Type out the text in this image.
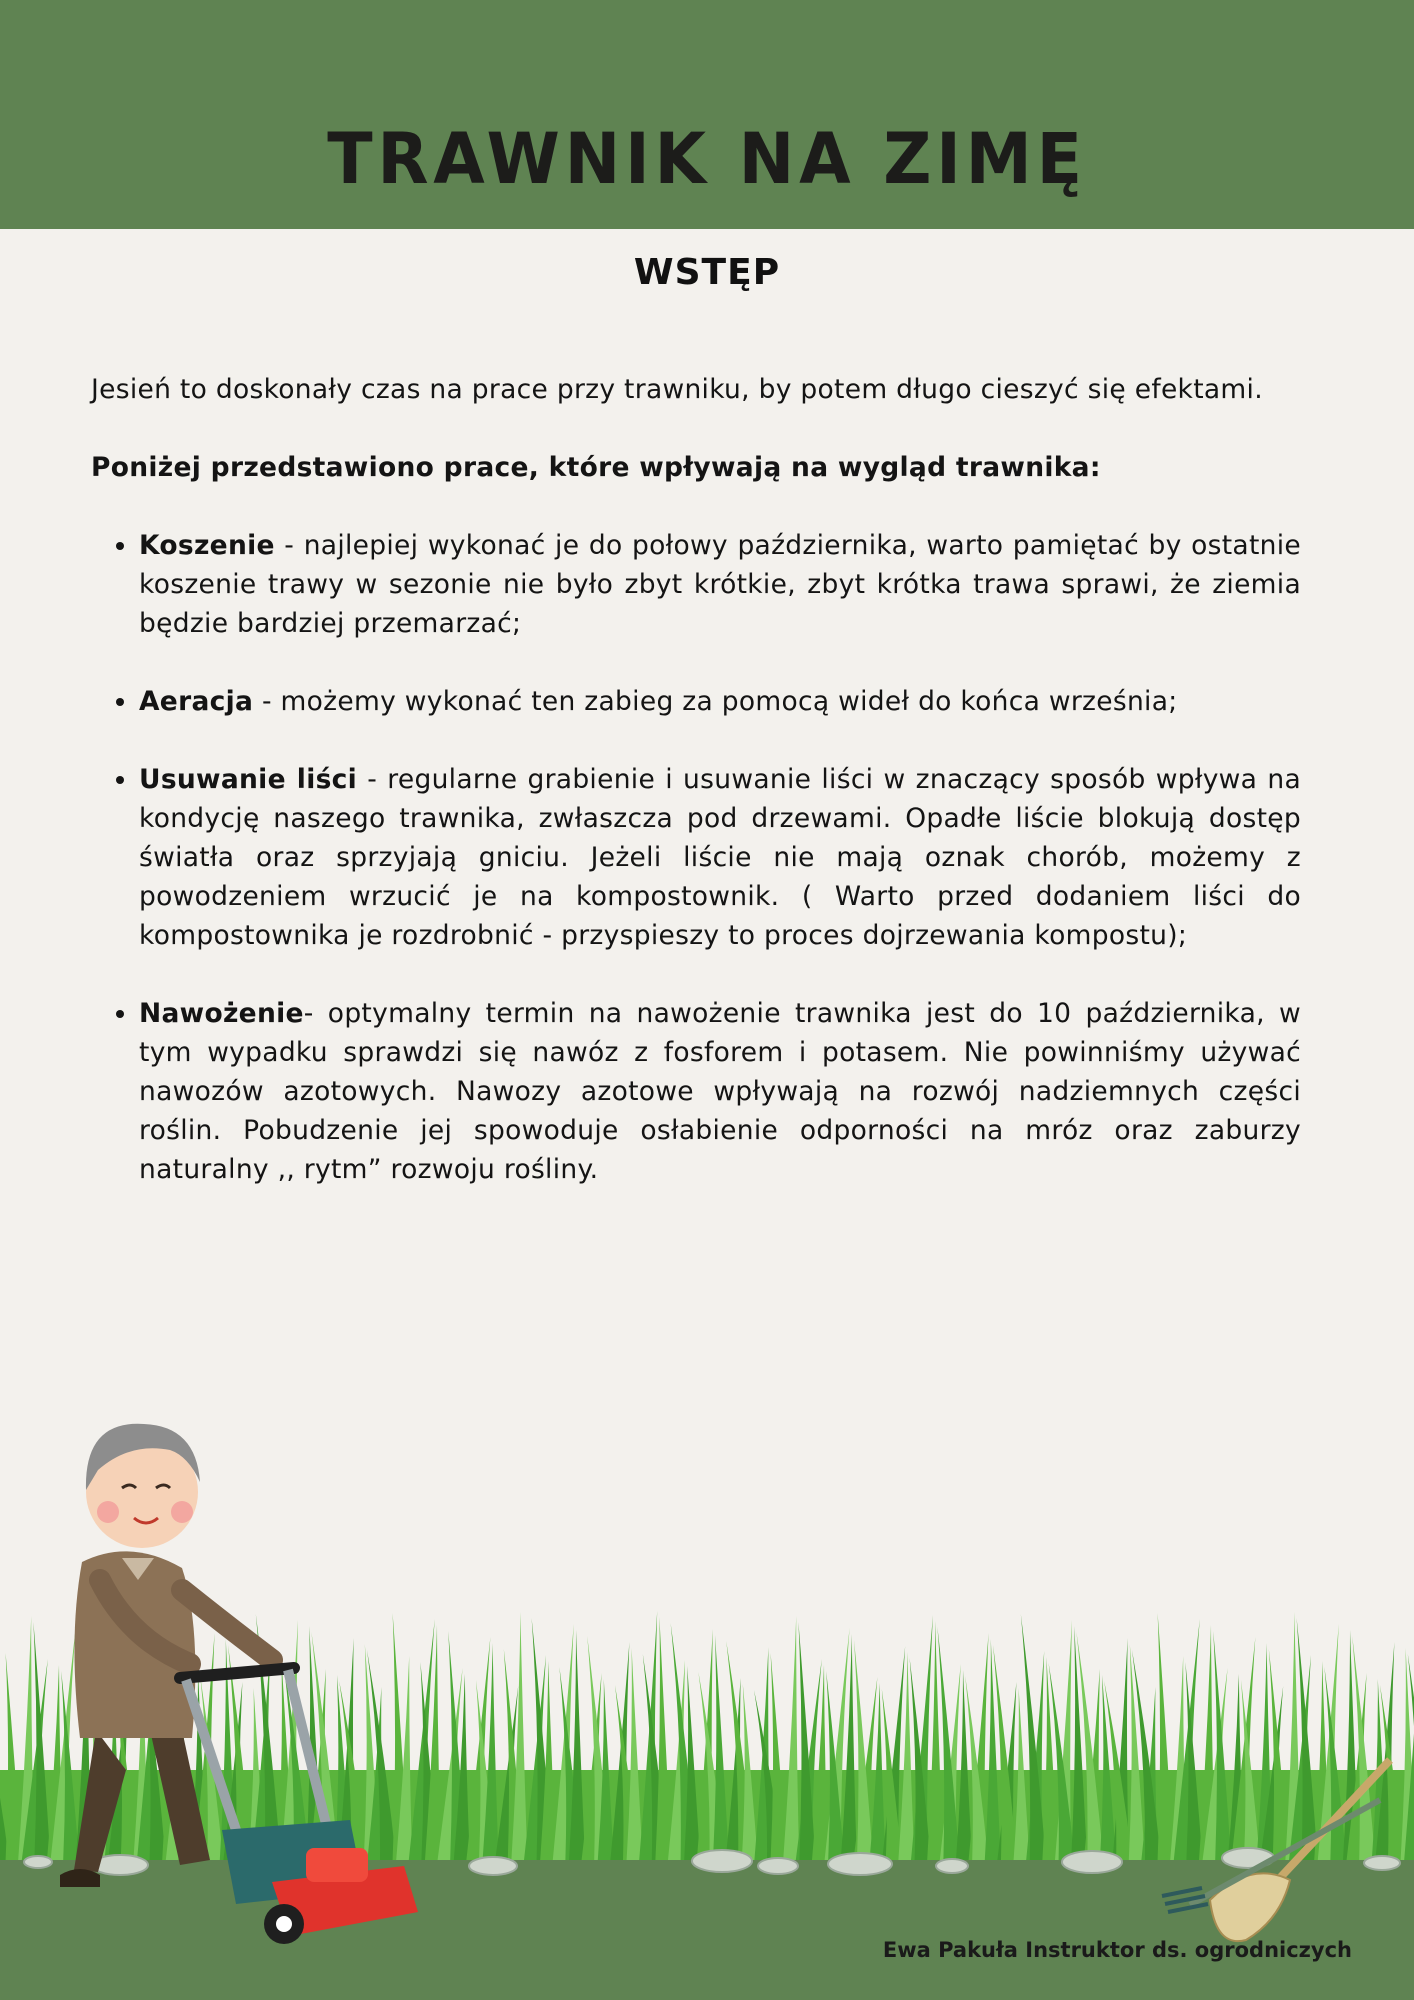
TRAWNIK NA ZIMĘ
WSTĘP

Jesień to doskonały czas na prace przy trawniku, by potem długo cieszyć się efektami.

Poniżej przedstawiono prace, które wpływają na wygląd trawnika:

• Koszenie - najlepiej wykonać je do połowy października, warto pamiętać by ostatnie koszenie trawy w sezonie nie było zbyt krótkie, zbyt krótka trawa sprawi, że ziemia będzie bardziej przemarzać;
• Aeracja - możemy wykonać ten zabieg za pomocą wideł do końca września;
• Usuwanie liści - regularne grabienie i usuwanie liści w znaczący sposób wpływa na kondycję naszego trawnika, zwłaszcza pod drzewami. Opadłe liście blokują dostęp światła oraz sprzyjają gniciu. Jeżeli liście nie mają oznak chorób, możemy z powodzeniem wrzucić je na kompostownik. ( Warto przed dodaniem liści do kompostownika je rozdrobnić - przyspieszy to proces dojrzewania kompostu);
• Nawożenie- optymalny termin na nawożenie trawnika jest do 10 października, w tym wypadku sprawdzi się nawóz z fosforem i potasem. Nie powinniśmy używać nawozów azotowych. Nawozy azotowe wpływają na rozwój nadziemnych części roślin. Pobudzenie jej spowoduje osłabienie odporności na mróz oraz zaburzy naturalny ,, rytm” rozwoju rośliny.
Ewa Pakuła Instruktor ds. ogrodniczych
